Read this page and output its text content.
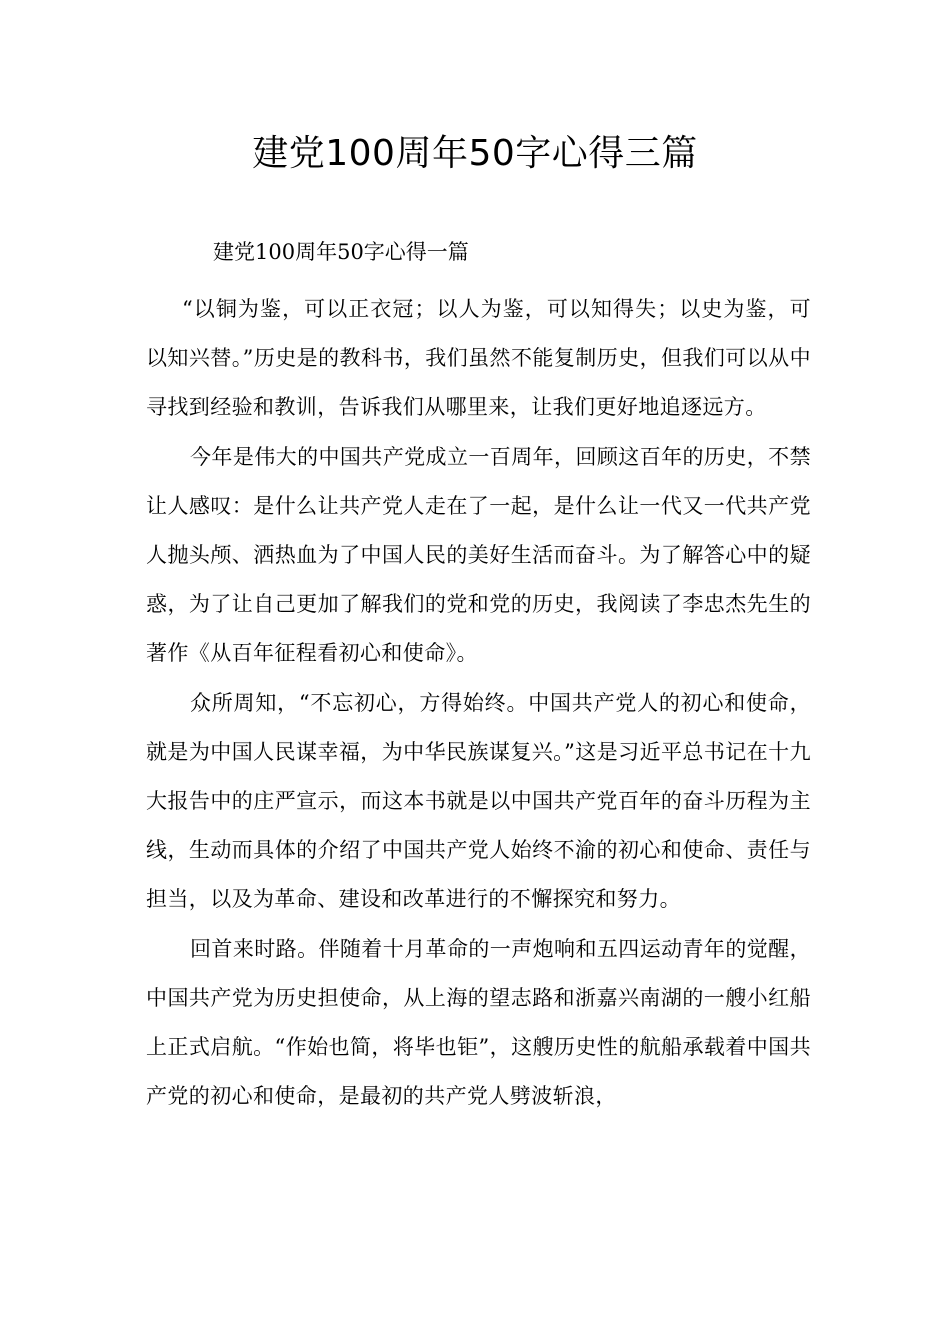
建党100周年50字心得三篇
建党100周年50字心得一篇

“以铜为鉴，可以正衣冠；以人为鉴，可以知得失；以史为鉴，可以知兴替。”历史是的教科书，我们虽然不能复制历史，但我们可以从中寻找到经验和教训，告诉我们从哪里来，让我们更好地追逐远方。

今年是伟大的中国共产党成立一百周年，回顾这百年的历史，不禁让人感叹：是什么让共产党人走在了一起，是什么让一代又一代共产党人抛头颅、洒热血为了中国人民的美好生活而奋斗。为了解答心中的疑惑，为了让自己更加了解我们的党和党的历史，我阅读了李忠杰先生的著作《从百年征程看初心和使命》。

众所周知，“不忘初心，方得始终。中国共产党人的初心和使命，就是为中国人民谋幸福，为中华民族谋复兴。”这是习近平总书记在十九大报告中的庄严宣示，而这本书就是以中国共产党百年的奋斗历程为主线，生动而具体的介绍了中国共产党人始终不渝的初心和使命、责任与担当，以及为革命、建设和改革进行的不懈探究和努力。

回首来时路。伴随着十月革命的一声炮响和五四运动青年的觉醒，中国共产党为历史担使命，从上海的望志路和浙嘉兴南湖的一艘小红船上正式启航。“作始也简，将毕也钜”，这艘历史性的航船承载着中国共产党的初心和使命，是最初的共产党人劈波斩浪，
